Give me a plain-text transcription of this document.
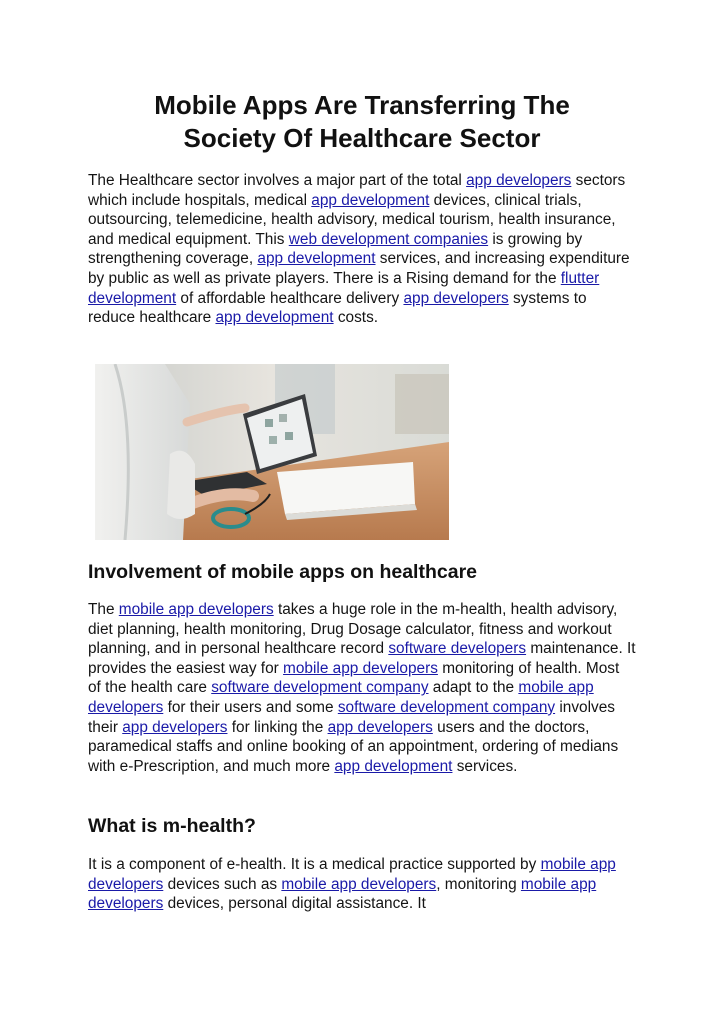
Mobile Apps Are Transferring The
Society Of Healthcare Sector

The Healthcare sector involves a major part of the total app developers sectors which include hospitals, medical app development devices, clinical trials, outsourcing, telemedicine, health advisory, medical tourism, health insurance, and medical equipment. This web development companies is growing by strengthening coverage, app development services, and increasing expenditure by public as well as private players. There is a Rising demand for the flutter development of affordable healthcare delivery app developers systems to reduce healthcare app development costs.

Involvement of mobile apps on healthcare

The mobile app developers takes a huge role in the m-health, health advisory, diet planning, health monitoring, Drug Dosage calculator, fitness and workout planning, and in personal healthcare record software developers maintenance. It provides the easiest way for mobile app developers monitoring of health. Most of the health care software development company adapt to the mobile app developers for their users and some software development company involves their app developers for linking the app developers users and the doctors, paramedical staffs and online booking of an appointment, ordering of medians with e-Prescription, and much more app development services.

What is m-health?

It is a component of e-health. It is a medical practice supported by mobile app developers devices such as mobile app developers, monitoring mobile app developers devices, personal digital assistance. It
